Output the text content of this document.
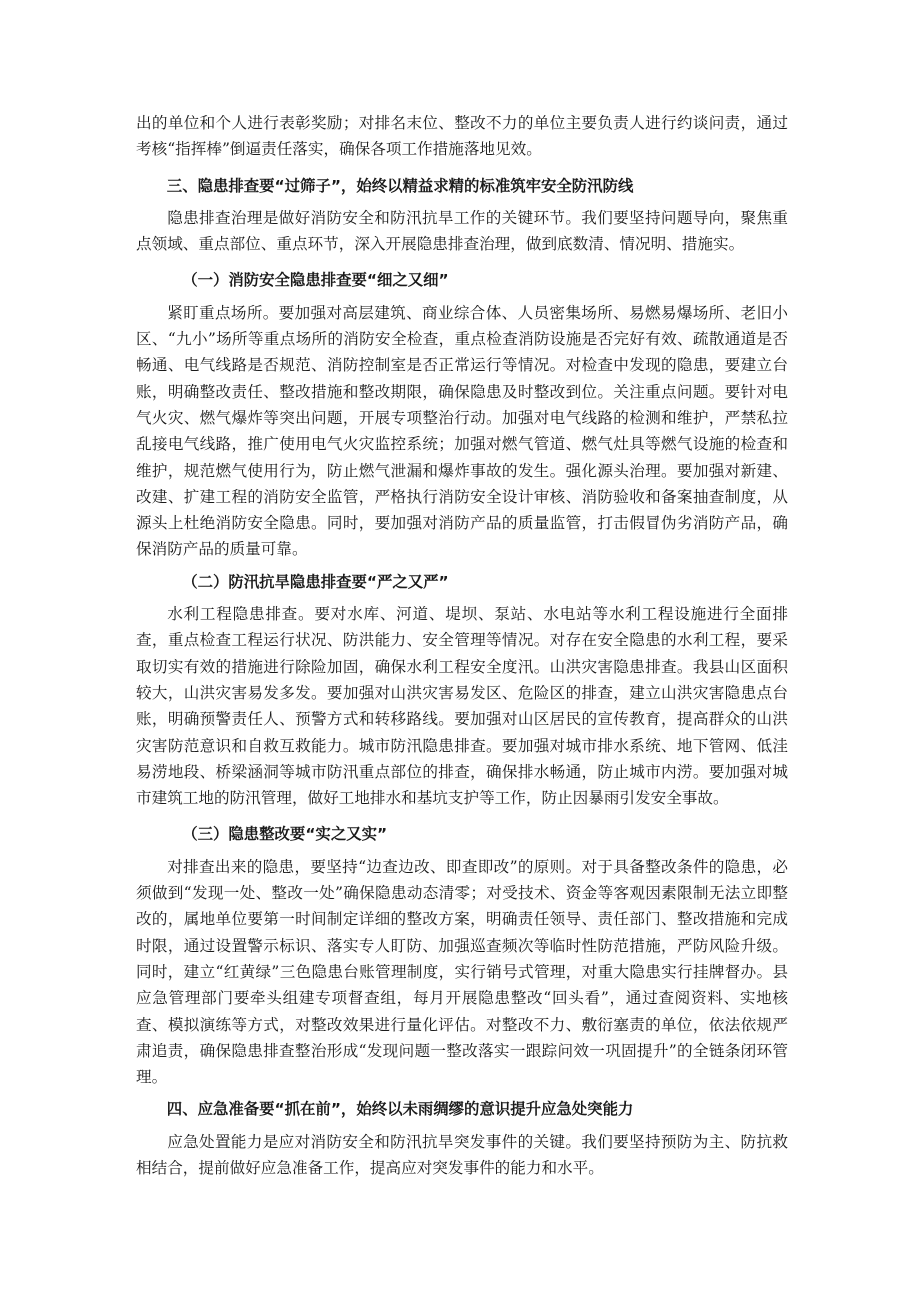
出的单位和个人进行表彰奖励；对排名末位、整改不力的单位主要负责人进行约谈问责，通过考核“指挥棒”倒逼责任落实，确保各项工作措施落地见效。

三、隐患排查要“过筛子”，始终以精益求精的标准筑牢安全防汛防线

隐患排查治理是做好消防安全和防汛抗旱工作的关键环节。我们要坚持问题导向，聚焦重点领域、重点部位、重点环节，深入开展隐患排查治理，做到底数清、情况明、措施实。

（一）消防安全隐患排查要“细之又细”

紧盯重点场所。要加强对高层建筑、商业综合体、人员密集场所、易燃易爆场所、老旧小区、“九小”场所等重点场所的消防安全检查，重点检查消防设施是否完好有效、疏散通道是否畅通、电气线路是否规范、消防控制室是否正常运行等情况。对检查中发现的隐患，要建立台账，明确整改责任、整改措施和整改期限，确保隐患及时整改到位。关注重点问题。要针对电气火灾、燃气爆炸等突出问题，开展专项整治行动。加强对电气线路的检测和维护，严禁私拉乱接电气线路，推广使用电气火灾监控系统；加强对燃气管道、燃气灶具等燃气设施的检查和维护，规范燃气使用行为，防止燃气泄漏和爆炸事故的发生。强化源头治理。要加强对新建、改建、扩建工程的消防安全监管，严格执行消防安全设计审核、消防验收和备案抽查制度，从源头上杜绝消防安全隐患。同时，要加强对消防产品的质量监管，打击假冒伪劣消防产品，确保消防产品的质量可靠。

（二）防汛抗旱隐患排查要“严之又严”

水利工程隐患排查。要对水库、河道、堤坝、泵站、水电站等水利工程设施进行全面排查，重点检查工程运行状况、防洪能力、安全管理等情况。对存在安全隐患的水利工程，要采取切实有效的措施进行除险加固，确保水利工程安全度汛。山洪灾害隐患排查。我县山区面积较大，山洪灾害易发多发。要加强对山洪灾害易发区、危险区的排查，建立山洪灾害隐患点台账，明确预警责任人、预警方式和转移路线。要加强对山区居民的宣传教育，提高群众的山洪灾害防范意识和自救互救能力。城市防汛隐患排查。要加强对城市排水系统、地下管网、低洼易涝地段、桥梁涵洞等城市防汛重点部位的排查，确保排水畅通，防止城市内涝。要加强对城市建筑工地的防汛管理，做好工地排水和基坑支护等工作，防止因暴雨引发安全事故。

（三）隐患整改要“实之又实”

对排查出来的隐患，要坚持“边查边改、即查即改”的原则。对于具备整改条件的隐患，必须做到“发现一处、整改一处”确保隐患动态清零；对受技术、资金等客观因素限制无法立即整改的，属地单位要第一时间制定详细的整改方案，明确责任领导、责任部门、整改措施和完成时限，通过设置警示标识、落实专人盯防、加强巡查频次等临时性防范措施，严防风险升级。同时，建立“红黄绿”三色隐患台账管理制度，实行销号式管理，对重大隐患实行挂牌督办。县应急管理部门要牵头组建专项督查组，每月开展隐患整改“回头看”，通过查阅资料、实地核查、模拟演练等方式，对整改效果进行量化评估。对整改不力、敷衍塞责的单位，依法依规严肃追责，确保隐患排查整治形成“发现问题一整改落实一跟踪问效一巩固提升”的全链条闭环管理。

四、应急准备要“抓在前”，始终以未雨绸缪的意识提升应急处突能力

应急处置能力是应对消防安全和防汛抗旱突发事件的关键。我们要坚持预防为主、防抗救相结合，提前做好应急准备工作，提高应对突发事件的能力和水平。
